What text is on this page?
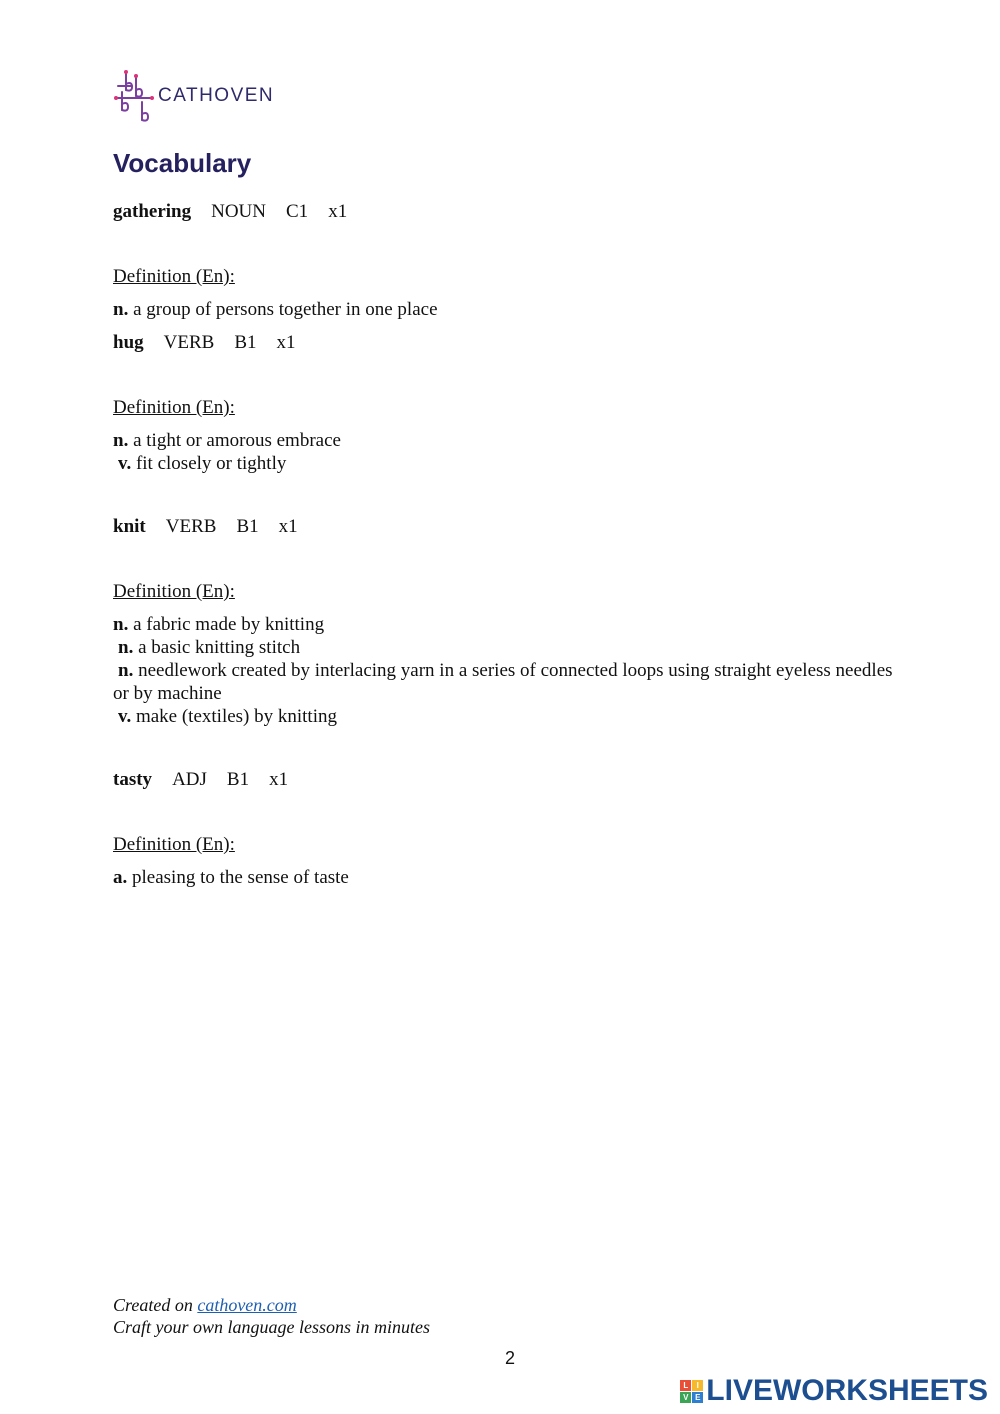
CATHOVEN
Vocabulary
gathering NOUN C1 x1
Definition (En):
n. a group of persons together in one place
hug VERB B1 x1
Definition (En):
n. a tight or amorous embrace
v. fit closely or tightly
knit VERB B1 x1
Definition (En):
n. a fabric made by knitting
n. a basic knitting stitch
n. needlework created by interlacing yarn in a series of connected loops using straight eyeless needles or by machine
v. make (textiles) by knitting
tasty ADJ B1 x1
Definition (En):
a. pleasing to the sense of taste
Created on cathoven.com
Craft your own language lessons in minutes
2
L	I
V E LIVEWORKSHEETS
